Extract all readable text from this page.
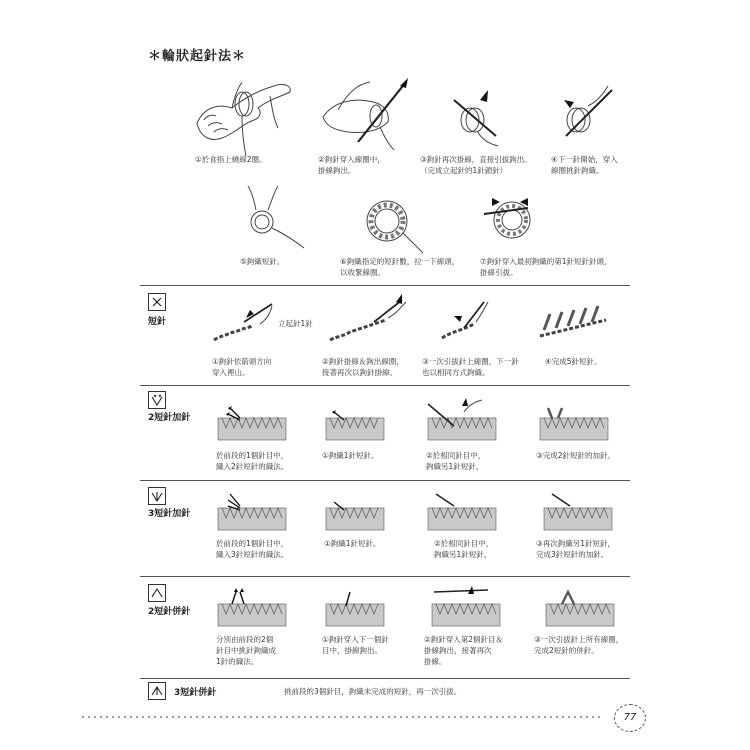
＊輪狀起針法＊
①於食指上繞線2圈。	②鉤針穿入線圈中，
掛線鉤出。
③鉤針再次掛線，直接引拔鉤出。
（完成立起針的1針鎖針）
④下一針開始，穿入
線圈挑針鉤織。
⑤鉤織短針。	⑥鉤織指定的短針數，拉一下線頭，
以收緊線圈。
⑦鉤針穿入最初鉤織的第1針短針針頭，
掛線引拔。
短針	立起針1針
①鉤針依箭頭方向
穿入裡山。
②鉤針掛線＆鉤出線圈，
接著再次以鉤針掛線。
③一次引拔針上線圈，下一針
也以相同方式鉤織。
④完成5針短針。
2短針加針
於前段的1個針目中，
織入2針短針的織法。
①鉤織1針短針。	②於相同針目中，
鉤織另1針短針。
③完成2針短針的加針。
3短針加針
於前段的1個針目中，
織入3針短針的織法。
①鉤織1針短針。	②於相同針目中，
鉤織另1針短針。
③再次鉤織另1針短針，
完成3針短針的加針。
2短針併針
分別由前段的2個
針目中挑針鉤織成
1針的織法。
①鉤針穿入下一個針
目中，掛線鉤出。
②鉤針穿入第2個針目＆
掛線鉤出，接著再次
掛線。
③一次引拔針上所有線圈，
完成2短針的併針。
3短針併針	挑前段的3個針目，鉤織未完成的短針，再一次引拔。
77
